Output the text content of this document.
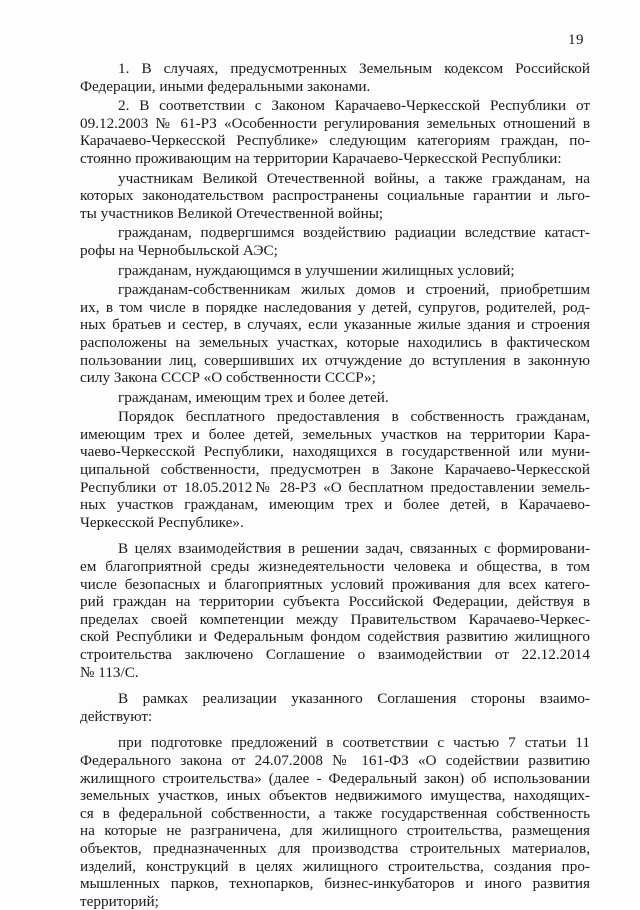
19

1. В случаях, предусмотренных Земельным кодексом Российской
Федерации, иными федеральными законами.

2. В соответствии с Законом Карачаево-Черкесской Республики от
09.12.2003 № 61-РЗ «Особенности регулирования земельных отношений в
Карачаево-Черкесской Республике» следующим категориям граждан, по-
стоянно проживающим на территории Карачаево-Черкесской Республики:

участникам Великой Отечественной войны, а также гражданам, на
которых законодательством распространены социальные гарантии и льго-
ты участников Великой Отечественной войны;

гражданам, подвергшимся воздействию радиации вследствие катаст-
рофы на Чернобыльской АЭС;

гражданам, нуждающимся в улучшении жилищных условий;

гражданам-собственникам жилых домов и строений, приобретшим
их, в том числе в порядке наследования у детей, супругов, родителей, род-
ных братьев и сестер, в случаях, если указанные жилые здания и строения
расположены на земельных участках, которые находились в фактическом
пользовании лиц, совершивших их отчуждение до вступления в законную
силу Закона СССР «О собственности СССР»;

гражданам, имеющим трех и более детей.

Порядок бесплатного предоставления в собственность гражданам,
имеющим трех и более детей, земельных участков на территории Кара-
чаево-Черкесской Республики, находящихся в государственной или муни-
ципальной собственности, предусмотрен в Законе Карачаево-Черкесской
Республики от 18.05.2012№ 28-РЗ «О бесплатном предоставлении земель-
ных участков гражданам, имеющим трех и более детей, в Карачаево-
Черкесской Республике».

В целях взаимодействия в решении задач, связанных с формировани-
ем благоприятной среды жизнедеятельности человека и общества, в том
числе безопасных и благоприятных условий проживания для всех катего-
рий граждан на территории субъекта Российской Федерации, действуя в
пределах своей компетенции между Правительством Карачаево-Черкес-
ской Республики и Федеральным фондом содействия развитию жилищного
строительства заключено Соглашение о взаимодействии от 22.12.2014
№ 113/С.

В рамках реализации указанного Соглашения стороны взаимо-
действуют:

при подготовке предложений в соответствии с частью 7 статьи 11
Федерального закона от 24.07.2008 № 161-ФЗ «О содействии развитию
жилищного строительства» (далее - Федеральный закон) об использовании
земельных участков, иных объектов недвижимого имущества, находящих-
ся в федеральной собственности, а также государственная собственность
на которые не разграничена, для жилищного строительства, размещения
объектов, предназначенных для производства строительных материалов,
изделий, конструкций в целях жилищного строительства, создания про-
мышленных парков, технопарков, бизнес-инкубаторов и иного развития
территорий;
